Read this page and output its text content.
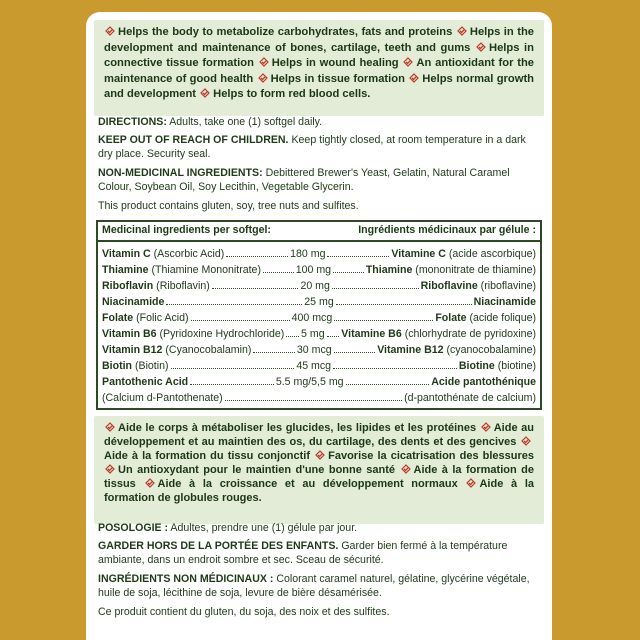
Helps the body to metabolize carbohydrates, fats and proteins Helps in the development and maintenance of bones, cartilage, teeth and gums Helps in connective tissue formation Helps in wound healing An antioxidant for the maintenance of good health Helps in tissue formation Helps normal growth and development Helps to form red blood cells.
DIRECTIONS: Adults, take one (1) softgel daily.
KEEP OUT OF REACH OF CHILDREN. Keep tightly closed, at room temperature in a dark dry place. Security seal.
NON-MEDICINAL INGREDIENTS: Debittered Brewer's Yeast, Gelatin, Natural Caramel Colour, Soybean Oil, Soy Lecithin, Vegetable Glycerin.
This product contains gluten, soy, tree nuts and sulfites.
Medicinal ingredients per softgel:	Ingrédients médicinaux par gélule :
Vitamin C (Ascorbic Acid)	180 mg	Vitamine C (acide ascorbique)
Thiamine (Thiamine Mononitrate)	100 mg	Thiamine (mononitrate de thiamine)
Riboflavin (Riboflavin)	20 mg	Riboflavine (riboflavine)
Niacinamide	25 mg	Niacinamide
Folate (Folic Acid)	400 mcg	Folate (acide folique)
Vitamin B6 (Pyridoxine Hydrochloride) 5 mg Vitamine B6 (chlorhydrate de pyridoxine)
Vitamin B12 (Cyanocobalamin)	30 mcg	Vitamine B12 (cyanocobalamine)
Biotin (Biotin)	45 mcg	Biotine (biotine)
Pantothenic Acid	5.5 mg/5,5 mg	Acide pantothénique
(Calcium d-Pantothenate)	(d-pantothénate de calcium)
Aide le corps à métaboliser les glucides, les lipides et les protéines Aide au développement et au maintien des os, du cartilage, des dents et des gencives Aide à la formation du tissu conjonctif Favorise la cicatrisation des blessures Un antioxydant pour le maintien d'une bonne santé Aide à la formation de tissus Aide à la croissance et au développement normaux Aide à la formation de globules rouges.
POSOLOGIE : Adultes, prendre une (1) gélule par jour.
GARDER HORS DE LA PORTÉE DES ENFANTS. Garder bien fermé à la température ambiante, dans un endroit sombre et sec. Sceau de sécurité.
INGRÉDIENTS NON MÉDICINAUX : Colorant caramel naturel, gélatine, glycérine végétale, huile de soja, lécithine de soja, levure de bière désamérisée.
Ce produit contient du gluten, du soja, des noix et des sulfites.
